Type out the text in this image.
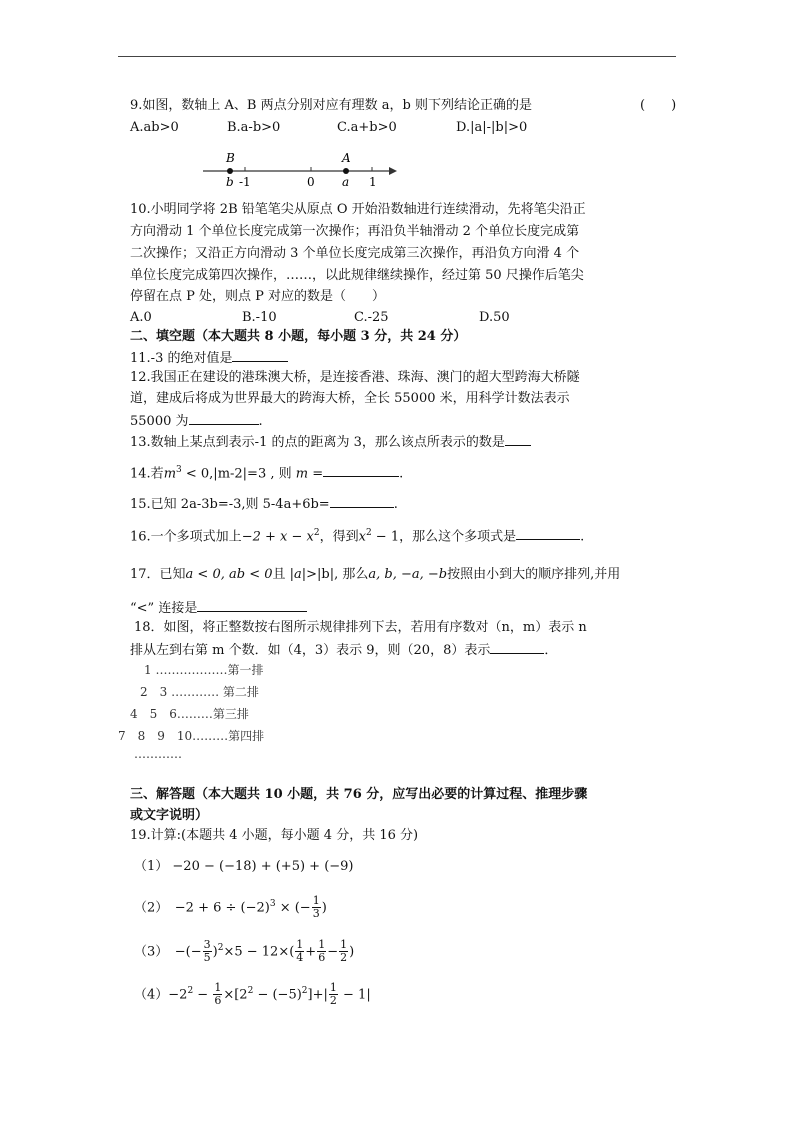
9.如图，数轴上 A、B 两点分别对应有理数 a，b 则下列结论正确的是	(　　)
A.ab>0	B.a-b>0	C.a+b>0	D.|a|-|b|>0
B	A
b -1	0 a 1
10.小明同学将 2B 铅笔笔尖从原点 O 开始沿数轴进行连续滑动，先将笔尖沿正
方向滑动 1 个单位长度完成第一次操作；再沿负半轴滑动 2 个单位长度完成第
二次操作；又沿正方向滑动 3 个单位长度完成第三次操作，再沿负方向滑 4 个
单位长度完成第四次操作，……，以此规律继续操作，经过第 50 尺操作后笔尖
停留在点 P 处，则点 P 对应的数是（　　）
A.0	B.-10	C.-25	D.50
二、填空题（本大题共 8 小题，每小题 3 分，共 24 分）
11.-3 的绝对值是
12.我国正在建设的港珠澳大桥，是连接香港、珠海、澳门的超大型跨海大桥隧
道，建成后将成为世界最大的跨海大桥，全长 55000 米，用科学计数法表示
55000 为	.
13.数轴上某点到表示-1 的点的距离为 3，那么该点所表示的数是
14.若$m^3 < 0,|m-2|=3$ , 则 m =	.
15.已知 2a-3b=-3,则 5-4a+6b=	.
16.一个多项式加上$-2 + x - x^2$，得到$x^2 - 1$，那么这个多项式是	.
17．已知a < 0, ab < 0且 |a|>|b|, 那么a, b, −a, −b按照由小到大的顺序排列,并用
“<” 连接是
18．如图，将正整数按右图所示规律排列下去，若用有序数对（n，m）表示 n
排从左到右第 m 个数．如（4，3）表示 9，则（20，8）表示	．
1 ………………第一排
2　3 ………… 第二排
4　5　6………第三排
7　8　9　10………第四排
…………
三、解答题（本大题共 10 小题，共 76 分，应写出必要的计算过程、推理步骤
或文字说明）
19.计算:(本题共 4 小题，每小题 4 分，共 16 分)
（1） −20 − (−18) + (+5) + (−9)
（2）　$-2 + 6 \div (-2)^3$ × (− $\frac{1}{3}$ )
（3）　−(− $\frac{3}{5} )^2\times 5 - 12\times( \frac{1}{4} + \frac{1}{6} - \frac{1}{2}$ )
$(4)-2^2 - \frac{1}{6} \times[2^2 - (-5)^2]+| \frac{1}{2} - 1|$
